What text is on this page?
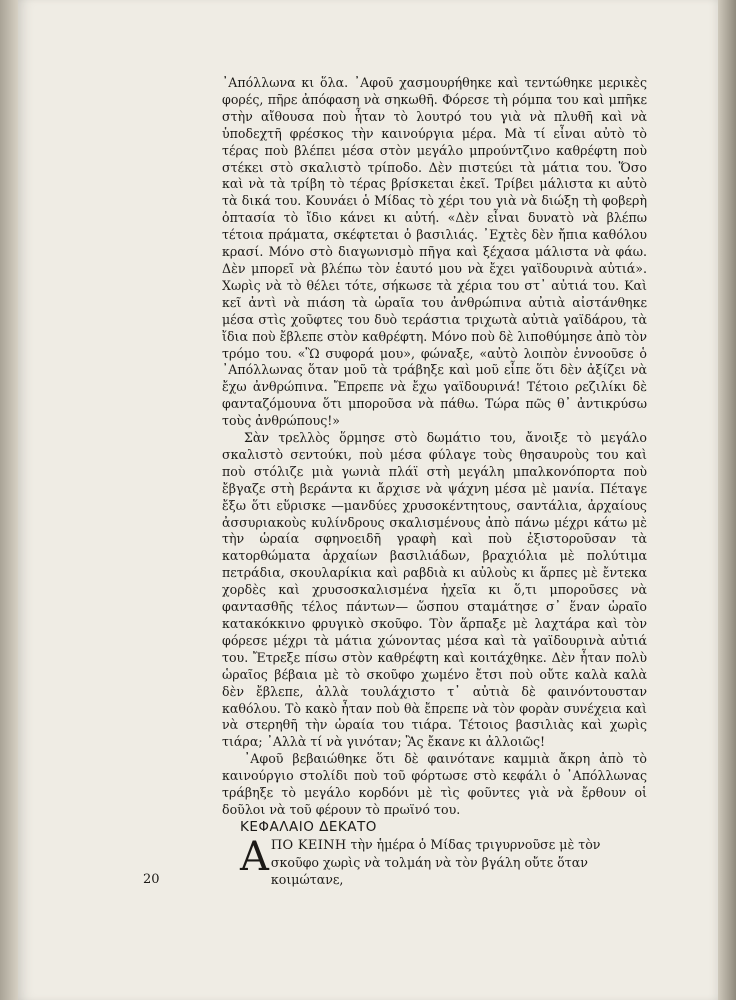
᾿Απόλλωνα κι ὅλα. ᾿Αφοῦ χασμουρήθηκε καὶ τεντώθηκε μερικὲς φορές, πῆρε ἀπόφαση νὰ σηκωθῆ. Φόρεσε τὴ ρόμπα του καὶ μπῆκε στὴν αἴθουσα ποὺ ἦταν τὸ λουτρό του γιὰ νὰ πλυθῆ καὶ νὰ ὑποδεχτῆ φρέσκος τὴν καινούργια μέρα. Μὰ τί εἶναι αὐτὸ τὸ τέρας ποὺ βλέπει μέσα στὸν μεγάλο μπρούντζινο καθρέφτη ποὺ στέκει στὸ σκαλιστὸ τρίποδο. Δὲν πιστεύει τὰ μάτια του. Ὅσο καὶ νὰ τὰ τρίβη τὸ τέρας βρίσκεται ἐκεῖ. Τρίβει μάλιστα κι αὐτὸ τὰ δικά του. Κουνάει ὁ Μίδας τὸ χέρι του γιὰ νὰ διώξη τὴ φοβερὴ ὀπτασία τὸ ἴδιο κάνει κι αὐτή. «Δὲν εἶναι δυνατὸ νὰ βλέπω τέτοια πράματα, σκέφτεται ὁ βασιλιάς. ᾿Εχτὲς δὲν ἤπια καθόλου κρασί. Μόνο στὸ διαγωνισμὸ πῆγα καὶ ξέχασα μάλιστα νὰ φάω. Δὲν μπορεῖ νὰ βλέπω τὸν ἑαυτό μου νὰ ἔχει γαϊδουρινὰ αὐτιά». Χωρὶς νὰ τὸ θέλει τότε, σήκωσε τὰ χέρια του στ᾿ αὐτιά του. Καὶ κεῖ ἀντὶ νὰ πιάση τὰ ὡραῖα του ἀνθρώπινα αὐτιὰ αἰστάνθηκε μέσα στὶς χοῦφτες του δυὸ τεράστια τριχωτὰ αὐτιὰ γαϊδάρου, τὰ ἴδια ποὺ ἔβλεπε στὸν καθρέφτη. Μόνο ποὺ δὲ λιποθύμησε ἀπὸ τὸν τρόμο του. «Ὢ συφορά μου», φώναξε, «αὐτὸ λοιπὸν ἐννοοῦσε ὁ ᾿Απόλλωνας ὅταν μοῦ τὰ τράβηξε καὶ μοῦ εἶπε ὅτι δὲν ἀξίζει νὰ ἔχω ἀνθρώπινα. Ἔπρεπε νὰ ἔχω γαϊδουρινά! Τέτοιο ρεζιλίκι δὲ φανταζόμουνα ὅτι μποροῦσα νὰ πάθω. Τώρα πῶς θ᾿ ἀντικρύσω τοὺς ἀνθρώπους!»

Σὰν τρελλὸς ὅρμησε στὸ δωμάτιο του, ἄνοιξε τὸ μεγάλο σκαλιστὸ σεντούκι, ποὺ μέσα φύλαγε τοὺς θησαυροὺς του καὶ ποὺ στόλιζε μιὰ γωνιὰ πλάϊ στὴ μεγάλη μπαλκονόπορτα ποὺ ἔβγαζε στὴ βεράντα κι ἄρχισε νὰ ψάχνη μέσα μὲ μανία. Πέταγε ἔξω ὅτι εὕρισκε —μανδύες χρυσοκέντητους, σαντάλια, ἀρχαίους ἀσσυριακοὺς κυλίνδρους σκαλισμένους ἀπὸ πάνω μέχρι κάτω μὲ τὴν ὡραία σφηνοειδῆ γραφὴ καὶ ποὺ ἐξιστοροῦσαν τὰ κατορθώματα ἀρχαίων βασιλιάδων, βραχιόλια μὲ πολύτιμα πετράδια, σκουλαρίκια καὶ ραβδιὰ κι αὐλοὺς κι ἅρπες μὲ ἔντεκα χορδὲς καὶ χρυσοσκαλισμένα ἠχεῖα κι ὅ,τι μποροῦσες νὰ φαντασθῆς τέλος πάντων— ὥσπου σταμάτησε σ᾿ ἕναν ὡραῖο κατακόκκινο φρυγικὸ σκοῦφο. Τὸν ἅρπαξε μὲ λαχτάρα καὶ τὸν φόρεσε μέχρι τὰ μάτια χώνοντας μέσα καὶ τὰ γαϊδουρινὰ αὐτιά του. Ἔτρεξε πίσω στὸν καθρέφτη καὶ κοιτάχθηκε. Δὲν ἦταν πολὺ ὡραῖος βέβαια μὲ τὸ σκοῦφο χωμένο ἔτσι ποὺ οὔτε καλὰ καλὰ δὲν ἔβλεπε, ἀλλὰ τουλάχιστο τ᾿ αὐτιὰ δὲ φαινόντουσταν καθόλου. Τὸ κακὸ ἦταν ποὺ θὰ ἔπρεπε νὰ τὸν φορὰν συνέχεια καὶ νὰ στερηθῆ τὴν ὡραία του τιάρα. Τέτοιος βασιλιὰς καὶ χωρὶς τιάρα; ᾿Αλλὰ τί νὰ γινόταν; Ἂς ἔκανε κι ἀλλοιῶς!

᾿Αφοῦ βεβαιώθηκε ὅτι δὲ φαινότανε καμμιὰ ἄκρη ἀπὸ τὸ καινούργιο στολίδι ποὺ τοῦ φόρτωσε στὸ κεφάλι ὁ ᾿Απόλλωνας τράβηξε τὸ μεγάλο κορδόνι μὲ τὶς φοῦντες γιὰ νὰ ἔρθουν οἱ δοῦλοι νὰ τοῦ φέρουν τὸ πρωϊνό του.

ΚΕΦΑΛΑΙΟ ΔΕΚΑΤΟ
Α ΠΟ ΚΕΙΝΗ τὴν ἡμέρα ὁ Μίδας τριγυρνοῦσε μὲ τὸν
σκοῦφο χωρὶς νὰ τολμάη νὰ τὸν βγάλη οὔτε ὅταν κοιμώτανε,
20
